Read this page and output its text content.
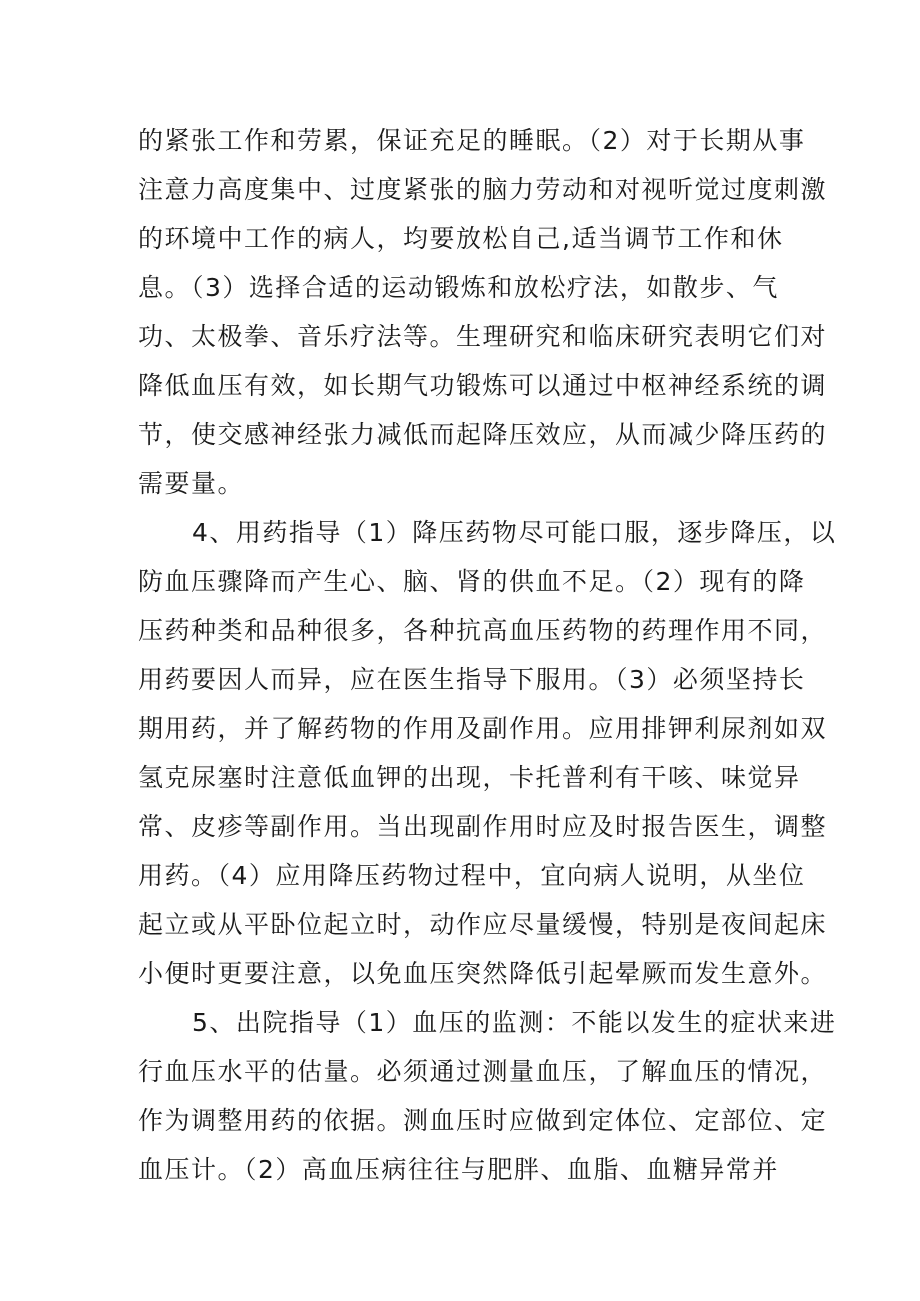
的紧张工作和劳累，保证充足的睡眠。（2）对于长期从事
注意力高度集中、过度紧张的脑力劳动和对视听觉过度刺激
的环境中工作的病人，均要放松自己,适当调节工作和休
息。（3）选择合适的运动锻炼和放松疗法，如散步、气
功、太极拳、音乐疗法等。生理研究和临床研究表明它们对
降低血压有效，如长期气功锻炼可以通过中枢神经系统的调
节，使交感神经张力减低而起降压效应，从而减少降压药的
需要量。
4、用药指导（1）降压药物尽可能口服，逐步降压，以
防血压骤降而产生心、脑、肾的供血不足。（2）现有的降
压药种类和品种很多，各种抗高血压药物的药理作用不同，
用药要因人而异，应在医生指导下服用。（3）必须坚持长
期用药，并了解药物的作用及副作用。应用排钾利尿剂如双
氢克尿塞时注意低血钾的出现，卡托普利有干咳、味觉异
常、皮疹等副作用。当出现副作用时应及时报告医生，调整
用药。（4）应用降压药物过程中，宜向病人说明，从坐位
起立或从平卧位起立时，动作应尽量缓慢，特别是夜间起床
小便时更要注意，以免血压突然降低引起晕厥而发生意外。
5、出院指导（1）血压的监测：不能以发生的症状来进
行血压水平的估量。必须通过测量血压，了解血压的情况，
作为调整用药的依据。测血压时应做到定体位、定部位、定
血压计。（2）高血压病往往与肥胖、血脂、血糖异常并
